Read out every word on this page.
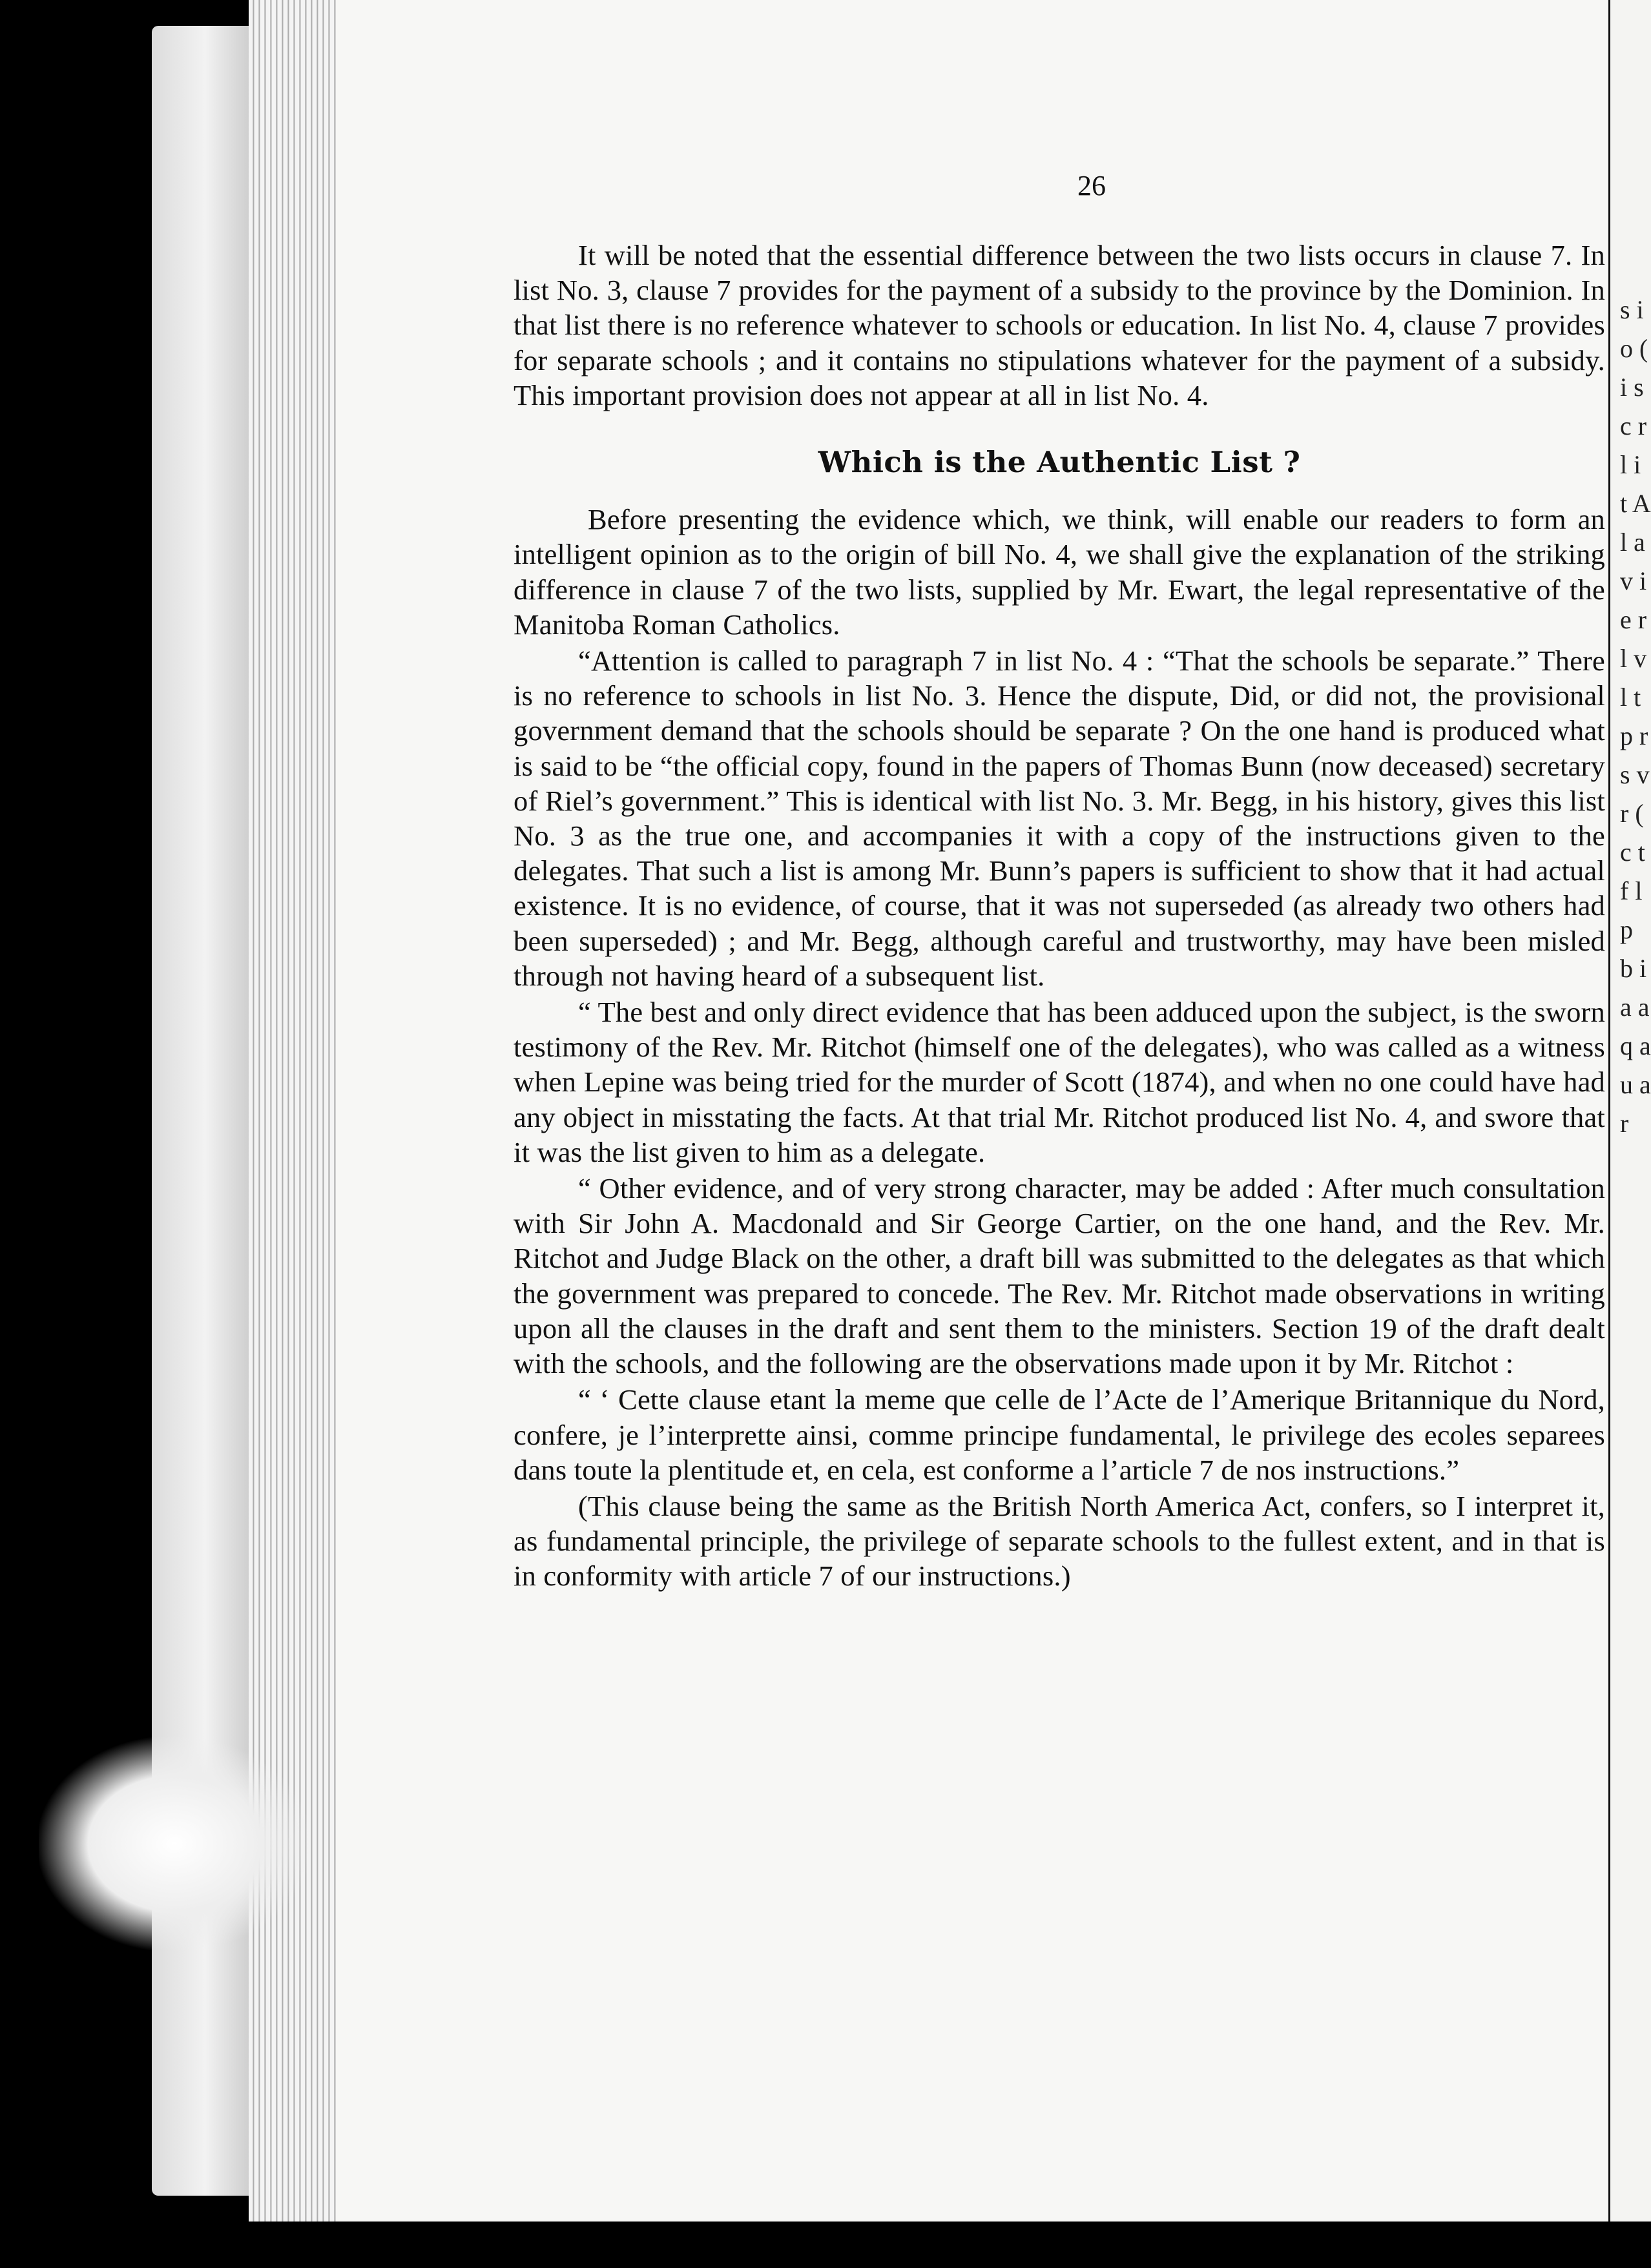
s i o ( i s c r l i t A l a v i e r l v l t p r s v r ( c t f l p b i a a q a u a r
26

It will be noted that the essential difference between the two lists occurs in clause 7. In list No. 3, clause 7 provides for the payment of a subsidy to the province by the Dominion. In that list there is no reference whatever to schools or education. In list No. 4, clause 7 provides for separate schools ; and it contains no stipulations whatever for the payment of a subsidy. This important provision does not appear at all in list No. 4.

Which is the Authentic List ?

Before presenting the evidence which, we think, will enable our readers to form an intelligent opinion as to the origin of bill No. 4, we shall give the explanation of the striking difference in clause 7 of the two lists, supplied by Mr. Ewart, the legal representative of the Manitoba Roman Catholics.

“Attention is called to paragraph 7 in list No. 4 : “That the schools be separate.” There is no reference to schools in list No. 3. Hence the dispute, Did, or did not, the provisional government demand that the schools should be separate ? On the one hand is produced what is said to be “the official copy, found in the papers of Thomas Bunn (now deceased) secretary of Riel’s government.” This is identical with list No. 3. Mr. Begg, in his history, gives this list No. 3 as the true one, and accompanies it with a copy of the instructions given to the delegates. That such a list is among Mr. Bunn’s papers is sufficient to show that it had actual existence. It is no evidence, of course, that it was not superseded (as already two others had been superseded) ; and Mr. Begg, although careful and trustworthy, may have been misled through not having heard of a subsequent list.

“ The best and only direct evidence that has been adduced upon the subject, is the sworn testimony of the Rev. Mr. Ritchot (himself one of the delegates), who was called as a witness when Lepine was being tried for the murder of Scott (1874), and when no one could have had any object in misstating the facts. At that trial Mr. Ritchot produced list No. 4, and swore that it was the list given to him as a delegate.

“ Other evidence, and of very strong character, may be added : After much consultation with Sir John A. Macdonald and Sir George Cartier, on the one hand, and the Rev. Mr. Ritchot and Judge Black on the other, a draft bill was submitted to the delegates as that which the government was prepared to concede. The Rev. Mr. Ritchot made observations in writing upon all the clauses in the draft and sent them to the ministers. Section 19 of the draft dealt with the schools, and the following are the observations made upon it by Mr. Ritchot :

“ ‘ Cette clause etant la meme que celle de l’Acte de l’Amerique Britannique du Nord, confere, je l’interprette ainsi, comme principe fundamental, le privilege des ecoles separees dans toute la plentitude et, en cela, est conforme a l’article 7 de nos instructions.”

(This clause being the same as the British North America Act, confers, so I interpret it, as fundamental principle, the privilege of separate schools to the fullest extent, and in that is in conformity with article 7 of our instructions.)
